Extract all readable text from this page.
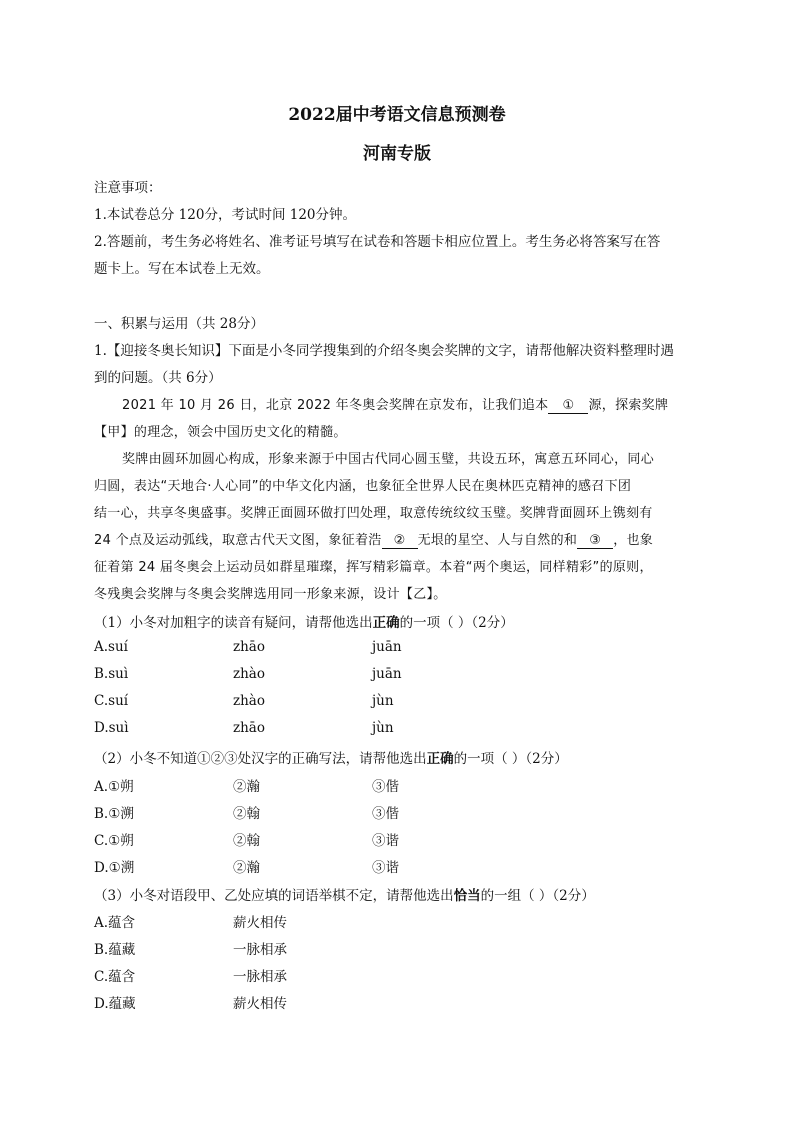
2022届中考语文信息预测卷
河南专版
注意事项：
1.本试卷总分 120分，考试时间 120分钟。
2.答题前，考生务必将姓名、准考证号填写在试卷和答题卡相应位置上。考生务必将答案写在答
题卡上。写在本试卷上无效。
一、积累与运用（共 28分）
1.【迎接冬奥长知识】下面是小冬同学搜集到的介绍冬奥会奖牌的文字，请帮他解决资料整理时遇
到的问题。（共 6分）
2021 年 10 月 26 日，北京 2022 年冬奥会奖牌在京发布，让我们追本 ① 源，探索奖牌
【甲】的理念，领会中国历史文化的精髓。
奖牌由圆环加圆心构成，形象来源于中国古代同心圆玉璧，共设五环，寓意五环同心，同心
归圆，表达“天地合·人心同”的中华文化内涵，也象征全世界人民在奥林匹克精神的感召下团
结一心，共享冬奥盛事。奖牌正面圆环做打凹处理，取意传统纹纹玉璧。奖牌背面圆环上镌刻有
24 个点及运动弧线，取意古代天文图，象征着浩 ② 无垠的星空、人与自然的和 ③ ，也象
征着第 24 届冬奥会上运动员如群星璀璨，挥写精彩篇章。本着“两个奥运，同样精彩”的原则，
冬残奥会奖牌与冬奥会奖牌选用同一形象来源，设计【乙】。
（1）小冬对加粗字的读音有疑问，请帮他选出正确的一项（ ）（2分）
A.suí	zhāo	juān
B.suì	zhào	juān
C.suí	zhào	jùn
D.suì	zhāo	jùn
（2）小冬不知道①②③处汉字的正确写法，请帮他选出正确的一项（ ）（2分）
A.①朔	②瀚	③偕
B.①溯	②翰	③偕
C.①朔	②翰	③谐
D.①溯	②瀚	③谐
（3）小冬对语段甲、乙处应填的词语举棋不定，请帮他选出恰当的一组（ ）（2分）
A.蕴含	薪火相传
B.蕴藏	一脉相承
C.蕴含	一脉相承
D.蕴藏	薪火相传
